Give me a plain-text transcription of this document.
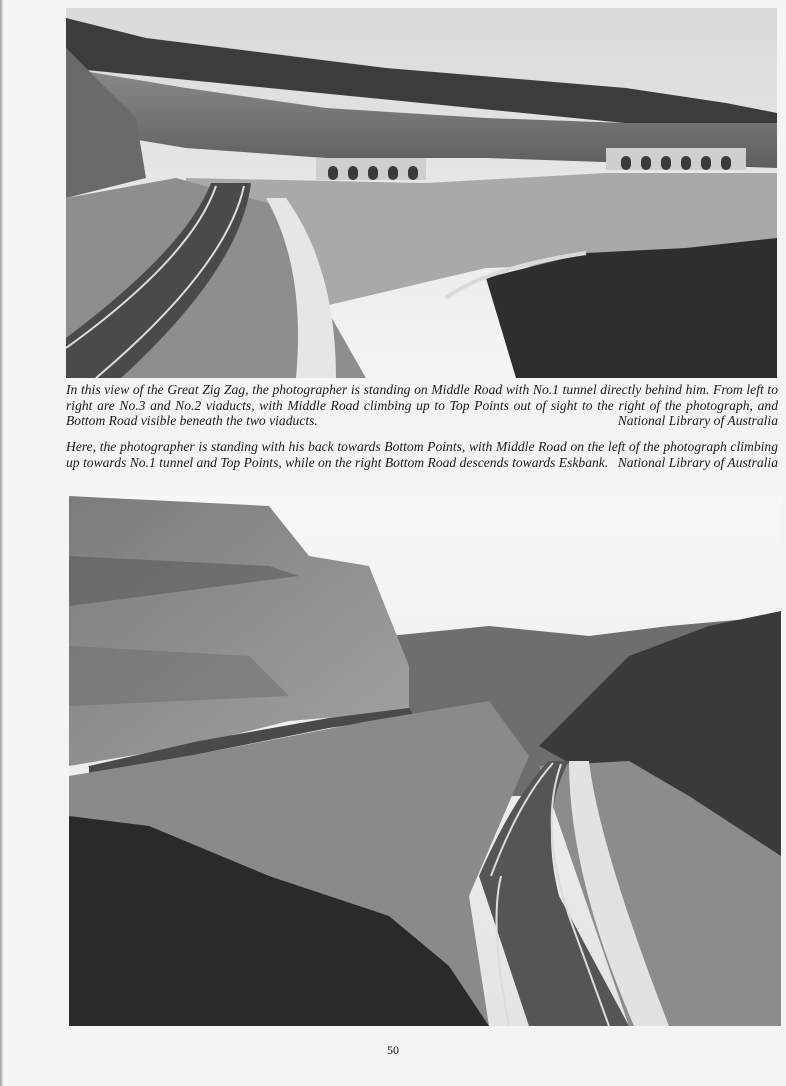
In this view of the Great Zig Zag, the photographer is standing on Middle Road with No.1 tunnel directly behind him. From left to right are No.3 and No.2 viaducts, with Middle Road climbing up to Top Points out of sight to the right of the photograph, and Bottom Road visible beneath the two viaducts.	National Library of Australia
Here, the photographer is standing with his back towards Bottom Points, with Middle Road on the left of the photograph climbing up towards No.1 tunnel and Top Points, while on the right Bottom Road descends towards Eskbank. National Library of Australia
50
